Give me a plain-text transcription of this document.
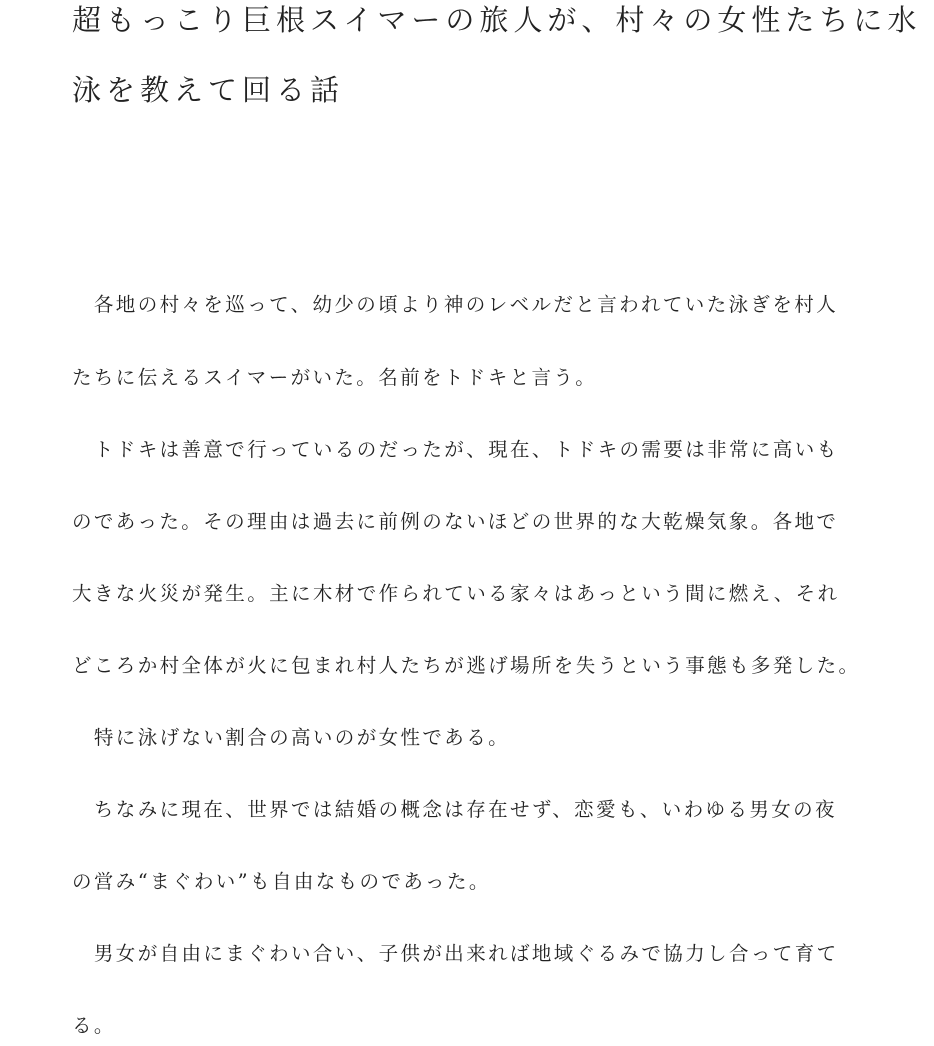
超もっこり巨根スイマーの旅人が、村々の女性たちに水
泳を教えて回る話
　各地の村々を巡って、幼少の頃より神のレベルだと言われていた泳ぎを村人
たちに伝えるスイマーがいた。名前をトドキと言う。
　トドキは善意で行っているのだったが、現在、トドキの需要は非常に高いも
のであった。その理由は過去に前例のないほどの世界的な大乾燥気象。各地で
大きな火災が発生。主に木材で作られている家々はあっという間に燃え、それ
どころか村全体が火に包まれ村人たちが逃げ場所を失うという事態も多発した。
　特に泳げない割合の高いのが女性である。
　ちなみに現在、世界では結婚の概念は存在せず、恋愛も、いわゆる男女の夜
の営み“まぐわい”も自由なものであった。
　男女が自由にまぐわい合い、子供が出来れば地域ぐるみで協力し合って育て
る。
